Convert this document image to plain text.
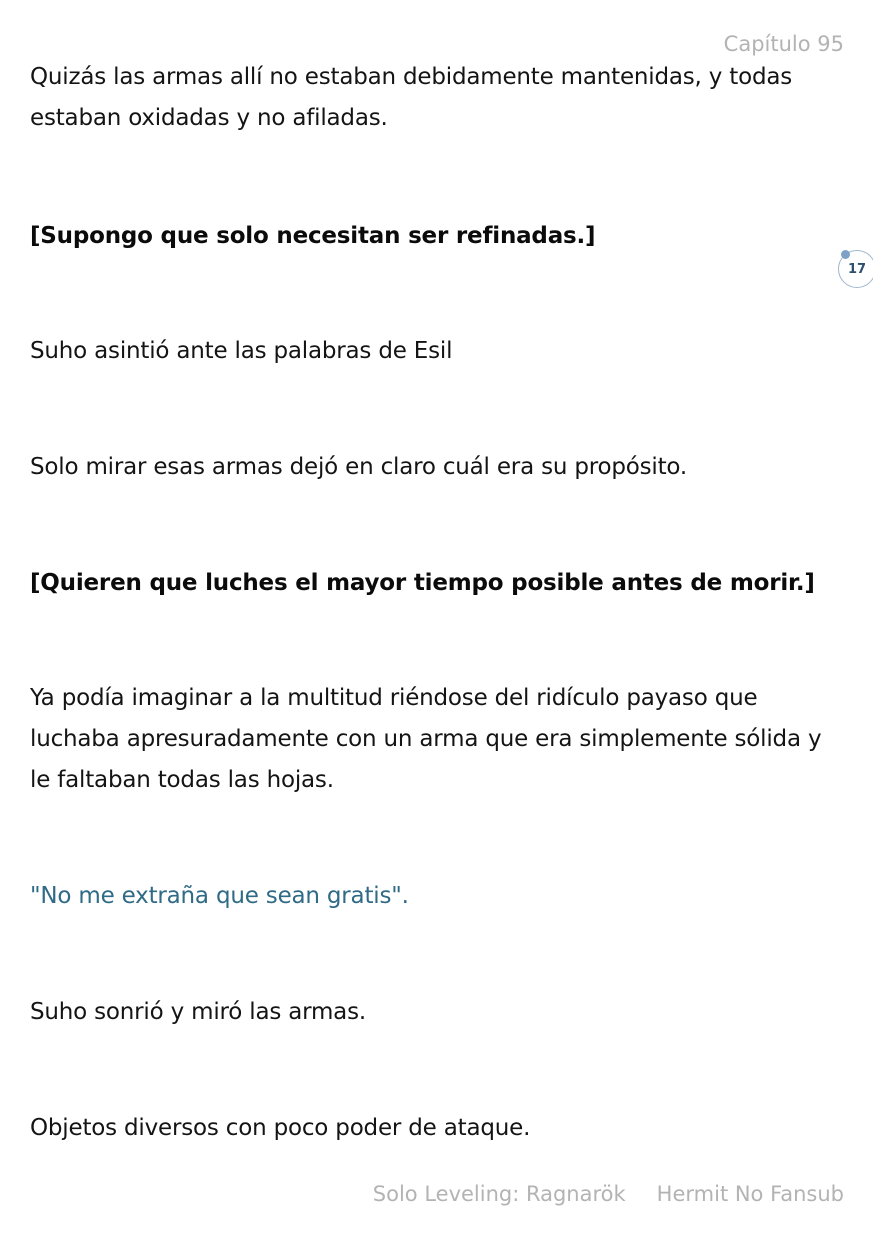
Capítulo 95
Quizás las armas allí no estaban debidamente mantenidas, y todas estaban oxidadas y no afiladas.
[Supongo que solo necesitan ser refinadas.]
Suho asintió ante las palabras de Esil
Solo mirar esas armas dejó en claro cuál era su propósito.
[Quieren que luches el mayor tiempo posible antes de morir.]
Ya podía imaginar a la multitud riéndose del ridículo payaso que luchaba apresuradamente con un arma que era simplemente sólida y le faltaban todas las hojas.
"No me extraña que sean gratis".
Suho sonrió y miró las armas.
Objetos diversos con poco poder de ataque.
17
Solo Leveling: Ragnarök Hermit No Fansub
